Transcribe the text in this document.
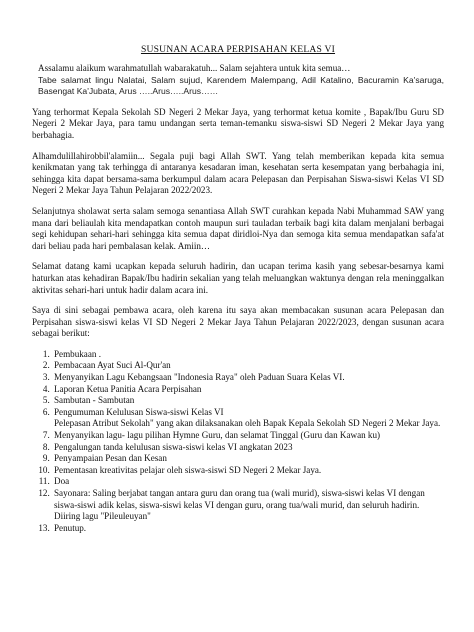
SUSUNAN ACARA PERPISAHAN KELAS VI

Assalamu alaikum warahmatullah wabarakatuh... Salam sejahtera untuk kita semua…

Tabe salamat lingu Nalatai, Salam sujud, Karendem Malempang, Adil Katalino, Bacuramin Ka'saruga, Basengat Ka'Jubata, Arus …..Arus…..Arus……

Yang terhormat Kepala Sekolah SD Negeri 2 Mekar Jaya, yang terhormat ketua komite , Bapak/Ibu Guru SD Negeri 2 Mekar Jaya, para tamu undangan serta teman-temanku siswa-siswi SD Negeri 2 Mekar Jaya yang berbahagia.

Alhamdulillahirobbil'alamiin... Segala puji bagi Allah SWT. Yang telah memberikan kepada kita semua kenikmatan yang tak terhingga di antaranya kesadaran iman, kesehatan serta kesempatan yang berbahagia ini, sehingga kita dapat bersama-sama berkumpul dalam acara Pelepasan dan Perpisahan Siswa-siswi Kelas VI SD Negeri 2 Mekar Jaya Tahun Pelajaran 2022/2023.

Selanjutnya sholawat serta salam semoga senantiasa Allah SWT curahkan kepada Nabi Muhammad SAW yang mana dari beliaulah kita mendapatkan contoh maupun suri tauladan terbaik bagi kita dalam menjalani berbagai segi kehidupan sehari-hari sehingga kita semua dapat diridloi-Nya dan semoga kita semua mendapatkan safa'at dari beliau pada hari pembalasan kelak. Amiin…

Selamat datang kami ucapkan kepada seluruh hadirin, dan ucapan terima kasih yang sebesar-besarnya kami haturkan atas kehadiran Bapak/Ibu hadirin sekalian yang telah meluangkan waktunya dengan rela meninggalkan aktivitas sehari-hari untuk hadir dalam acara ini.

Saya di sini sebagai pembawa acara, oleh karena itu saya akan membacakan susunan acara Pelepasan dan Perpisahan siswa-siswi kelas VI SD Negeri 2 Mekar Jaya Tahun Pelajaran 2022/2023, dengan susunan acara sebagai berikut:

1. Pembukaan .
2. Pembacaan Ayat Suci Al-Qur'an
3. Menyanyikan Lagu Kebangsaan "Indonesia Raya" oleh Paduan Suara Kelas VI.
4. Laporan Ketua Panitia Acara Perpisahan
5. Sambutan - Sambutan
6. Pengumuman Kelulusan Siswa-siswi Kelas VI
Pelepasan Atribut Sekolah" yang akan dilaksanakan oleh Bapak Kepala Sekolah SD Negeri 2 Mekar Jaya.
7. Menyanyikan lagu- lagu pilihan Hymne Guru, dan selamat Tinggal (Guru dan Kawan ku)
8. Pengalungan tanda kelulusan siswa-siswi kelas VI angkatan 2023
9. Penyampaian Pesan dan Kesan
10. Pementasan kreativitas pelajar oleh siswa-siswi SD Negeri 2 Mekar Jaya.
11. Doa
12. Sayonara: Saling berjabat tangan antara guru dan orang tua (wali murid), siswa-siswi kelas VI dengan siswa-siswi adik kelas, siswa-siswi kelas VI dengan guru, orang tua/wali murid, dan seluruh hadirin. Diiring lagu "Pileuleuyan"
13. Penutup.
